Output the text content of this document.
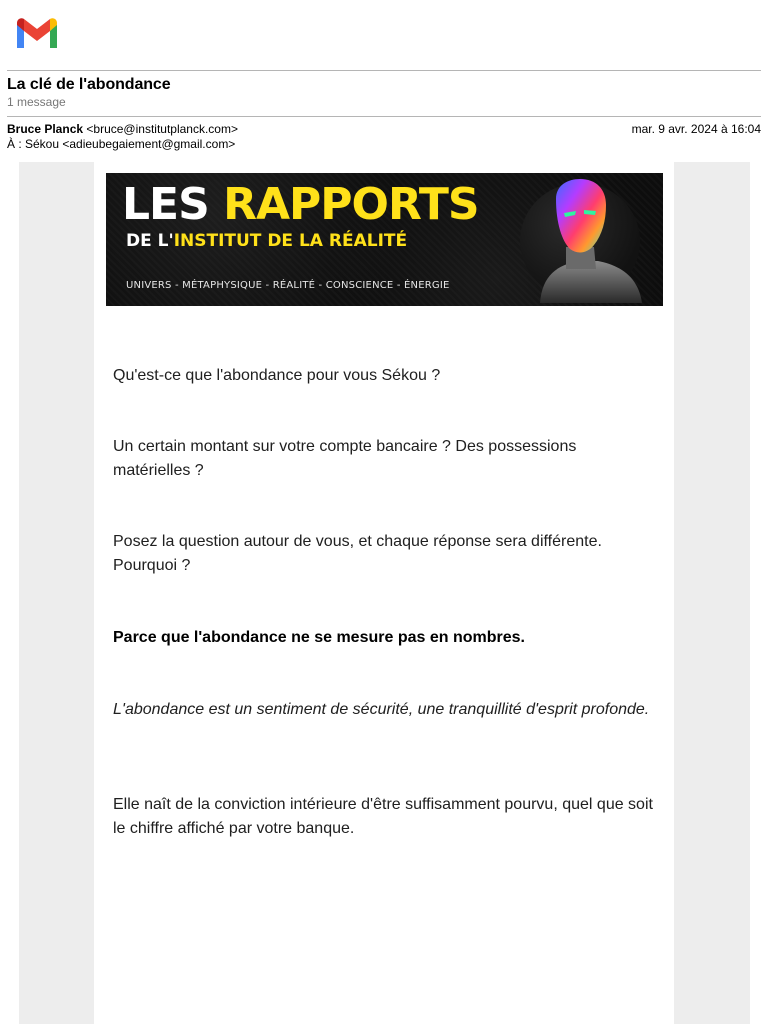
La clé de l'abondance
1 message
Bruce Planck <bruce@institutplanck.com>
À : Sékou <adieubegaiement@gmail.com>
mar. 9 avr. 2024 à 16:04
LES RAPPORTS
DE L'INSTITUT DE LA RÉALITÉ
UNIVERS - MÉTAPHYSIQUE - RÉALITÉ - CONSCIENCE - ÉNERGIE
Qu'est-ce que l'abondance pour vous Sékou ?
Un certain montant sur votre compte bancaire ? Des possessions matérielles ?
Posez la question autour de vous, et chaque réponse sera différente. Pourquoi ?
Parce que l'abondance ne se mesure pas en nombres.
L'abondance est un sentiment de sécurité, une tranquillité d'esprit profonde.
Elle naît de la conviction intérieure d'être suffisamment pourvu, quel que soit le chiffre affiché par votre banque.
